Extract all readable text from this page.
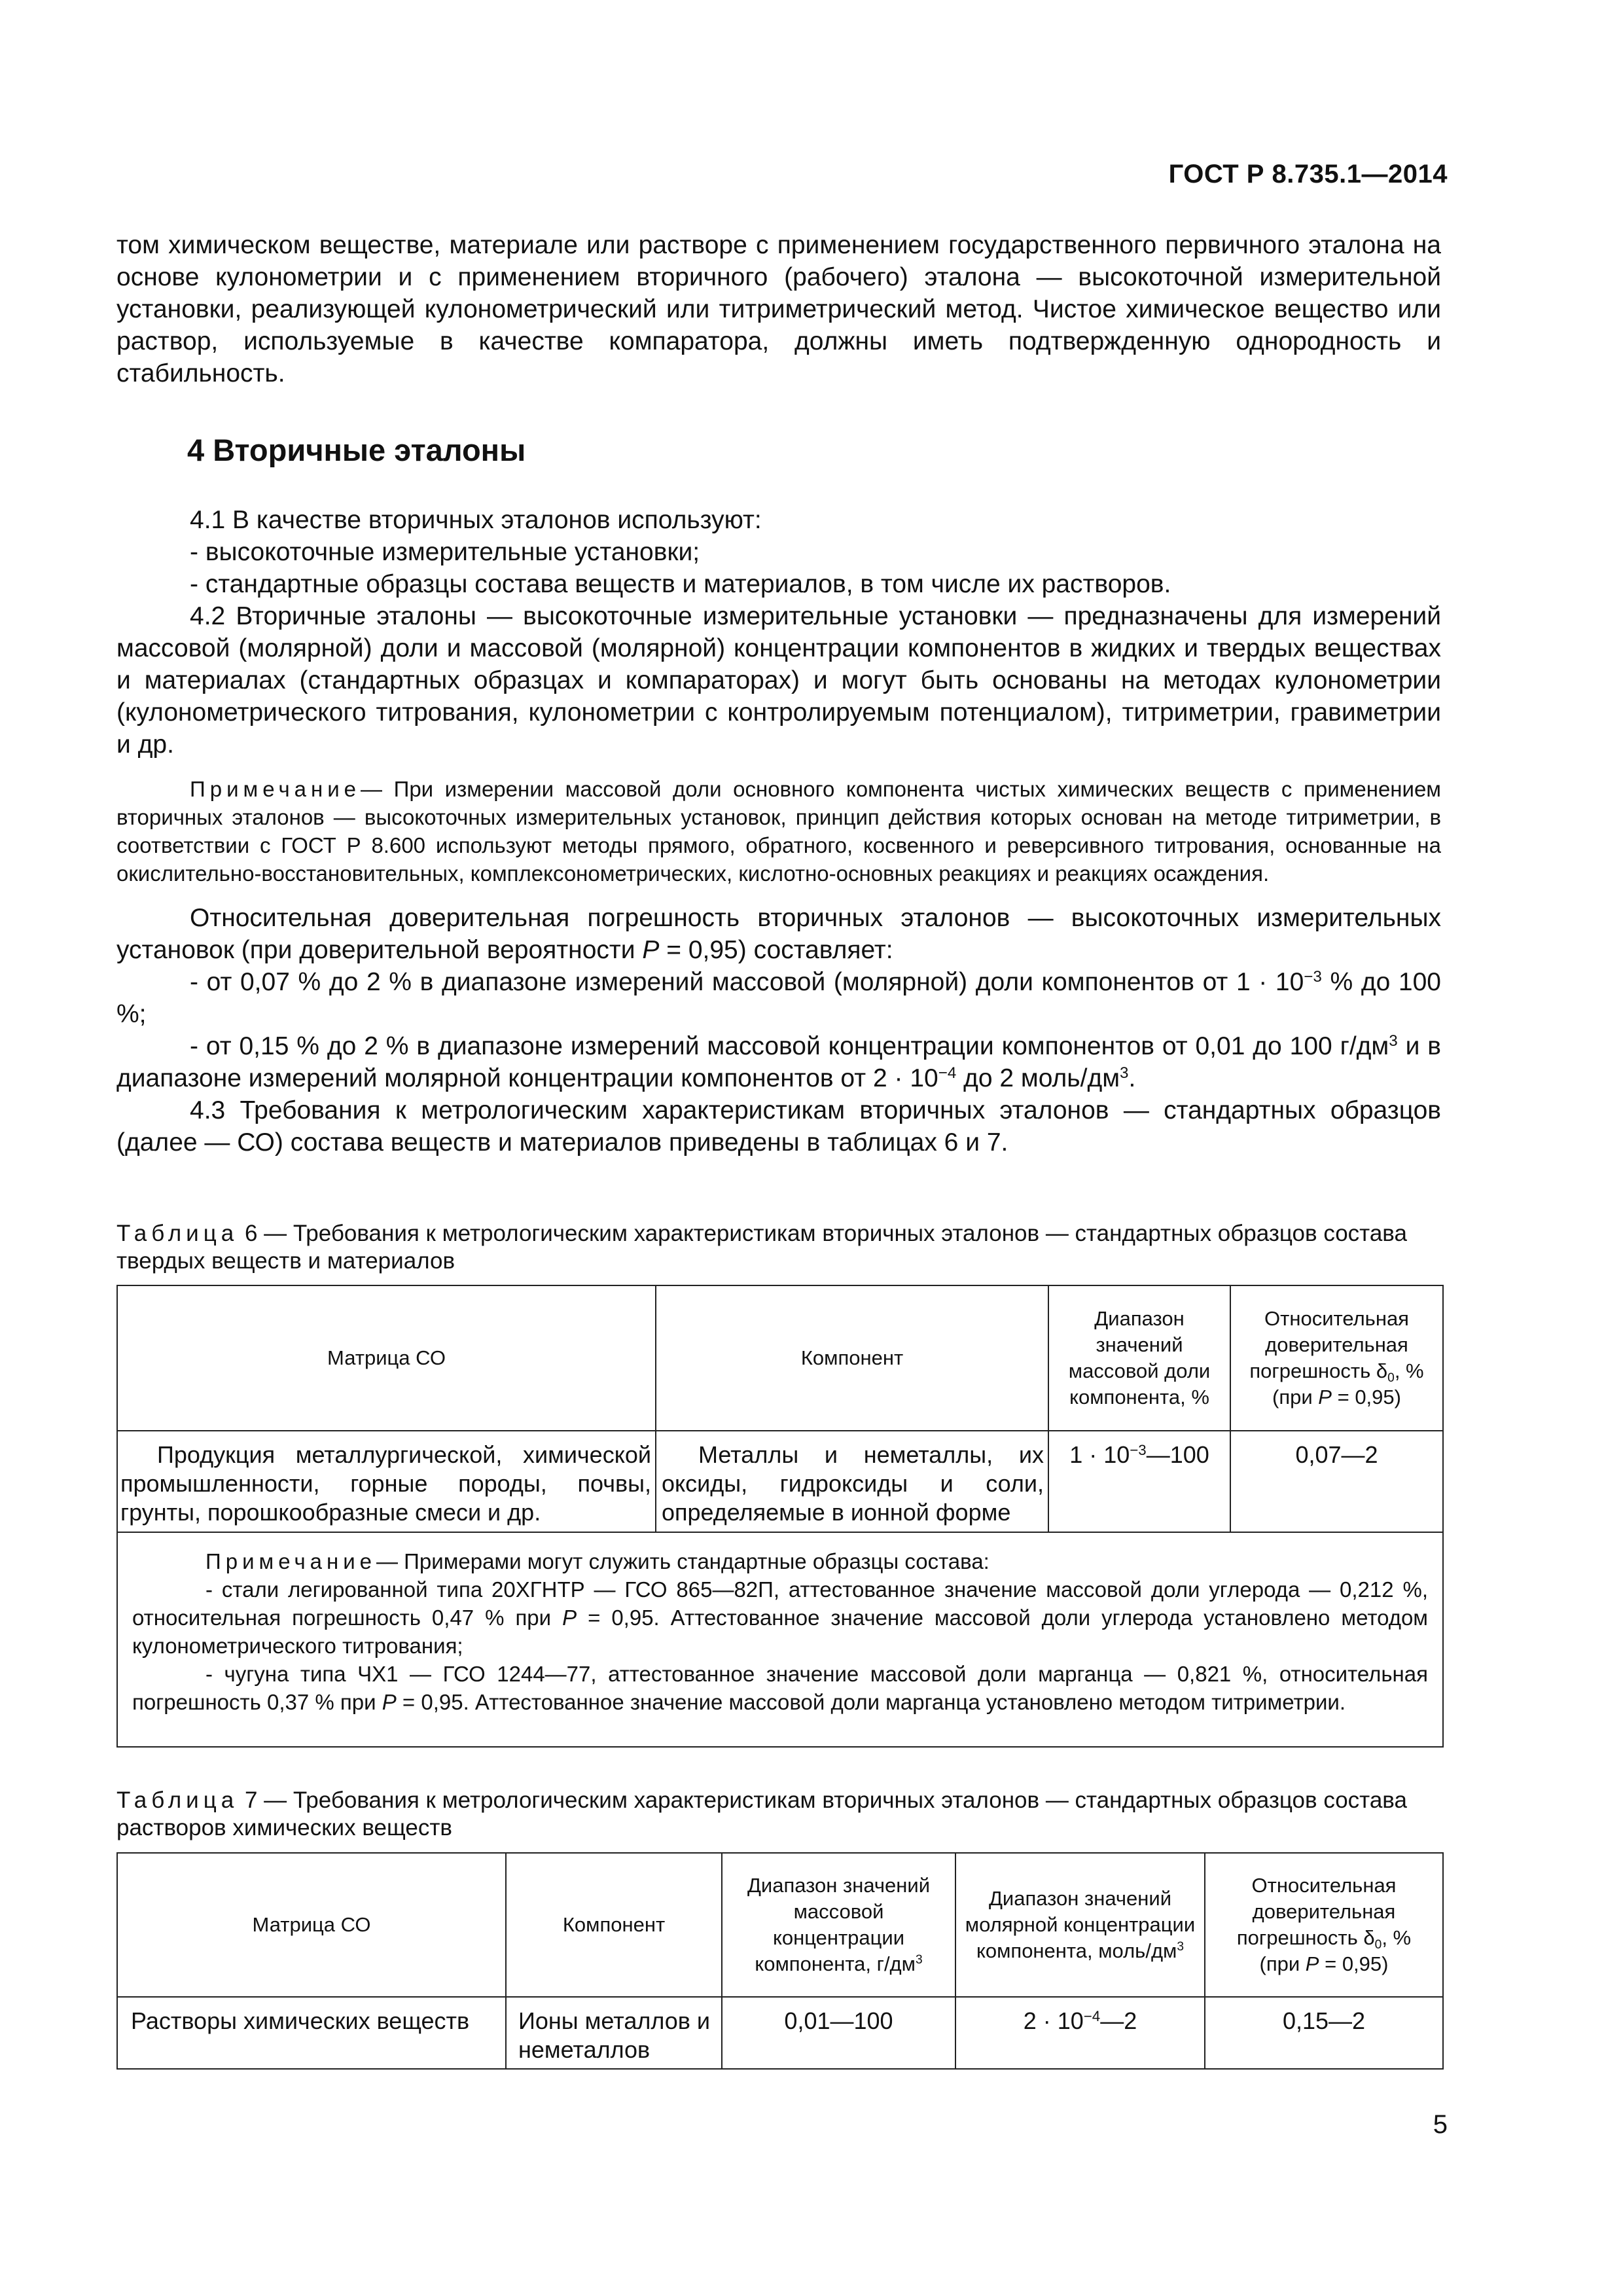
ГОСТ Р 8.735.1—2014

том химическом веществе, материале или растворе с применением государственного первичного эталона на основе кулонометрии и с применением вторичного (рабочего) эталона — высокоточной измерительной установки, реализующей кулонометрический или титриметрический метод. Чистое химическое вещество или раствор, используемые в качестве компаратора, должны иметь подтвержденную однородность и стабильность.

4 Вторичные эталоны

4.1 В качестве вторичных эталонов используют:

- высокоточные измерительные установки;

- стандартные образцы состава веществ и материалов, в том числе их растворов.

4.2 Вторичные эталоны — высокоточные измерительные установки — предназначены для измерений массовой (молярной) доли и массовой (молярной) концентрации компонентов в жидких и твердых веществах и материалах (стандартных образцах и компараторах) и могут быть основаны на методах кулонометрии (кулонометрического титрования, кулонометрии с контролируемым потенциалом), титриметрии, гравиметрии и др.

Примечание— При измерении массовой доли основного компонента чистых химических веществ с применением вторичных эталонов — высокоточных измерительных установок, принцип действия которых основан на методе титриметрии, в соответствии с ГОСТ Р 8.600 используют методы прямого, обратного, косвенного и реверсивного титрования, основанные на окислительно-восстановительных, комплексонометрических, кислотно-основных реакциях и реакциях осаждения.

Относительная доверительная погрешность вторичных эталонов — высокоточных измерительных установок (при доверительной вероятности P = 0,95) составляет:

- от 0,07 % до 2 % в диапазоне измерений массовой (молярной) доли компонентов от $1 \cdot 10^{-3}$ % до 100 %;

- от 0,15 % до 2 % в диапазоне измерений массовой концентрации компонентов от 0,01 до 100 $г/дм^3$ и в диапазоне измерений молярной концентрации компонентов от $2 \cdot 10^{-4}$ до 2 моль/$дм^3$.

4.3 Требования к метрологическим характеристикам вторичных эталонов — стандартных образцов (далее — СО) состава веществ и материалов приведены в таблицах 6 и 7.

Таблица 6 — Требования к метрологическим характеристикам вторичных эталонов — стандартных образцов состава твердых веществ и материалов
Матрица СО	Компонент	Диапазон значений массовой доли компонента, %	Относительная доверительная погрешность $\delta_0$, %
(при P = 0,95)
Продукция металлургической, химической промышленности, горные породы, почвы, грунты, порошкообразные смеси и др.	Металлы и неметаллы, их оксиды, гидроксиды и соли, определяемые в ионной форме	$1 \cdot 10^{-3}—100$	0,07—2

Примечание— Примерами могут служить стандартные образцы состава:
- стали легированной типа 20ХГНТР — ГСО 865—82П, аттестованное значение массовой доли углерода — 0,212 %, относительная погрешность 0,47 % при P = 0,95. Аттестованное значение массовой доли углерода установлено методом кулонометрического титрования;
- чугуна типа ЧХ1 — ГСО 1244—77, аттестованное значение массовой доли марганца — 0,821 %, относительная погрешность 0,37 % при P = 0,95. Аттестованное значение массовой доли марганца установлено методом титриметрии.			
Таблица 7 — Требования к метрологическим характеристикам вторичных эталонов — стандартных образцов состава растворов химических веществ
Матрица СО	Компонент	Диапазон значений массовой концентрации компонента, $г/дм^3$	Диапазон значений молярной концентрации компонента, моль/$дм^3$	Относительная доверительная погрешность $\delta_0$, %
(при P = 0,95)
Растворы химических веществ	Ионы металлов и неметаллов	0,01—100	$2 \cdot 10^{-4}—2$	0,15—2
5
